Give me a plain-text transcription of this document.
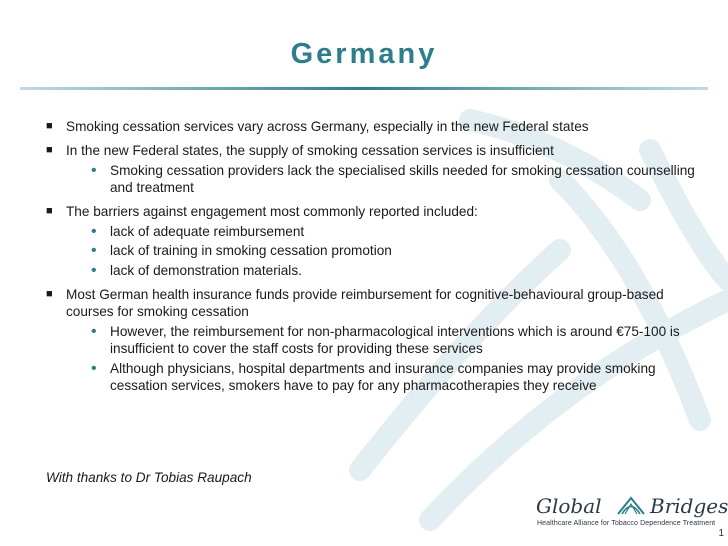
Germany
■ Smoking cessation services vary across Germany, especially in the new Federal states
■ In the new Federal states, the supply of smoking cessation services is insufficient
• Smoking cessation providers lack the specialised skills needed for smoking cessation counselling and treatment
■ The barriers against engagement most commonly reported included:
• lack of adequate reimbursement
• lack of training in smoking cessation promotion
• lack of demonstration materials.
■ Most German health insurance funds provide reimbursement for cognitive-behavioural group-based courses for smoking cessation
• However, the reimbursement for non-pharmacological interventions which is around €75-100 is insufficient to cover the staff costs for providing these services
• Although physicians, hospital departments and insurance companies may provide smoking cessation services, smokers have to pay for any pharmacotherapies they receive
With thanks to Dr Tobias Raupach
Global Bridges
Healthcare Alliance for Tobacco Dependence Treatment
1
